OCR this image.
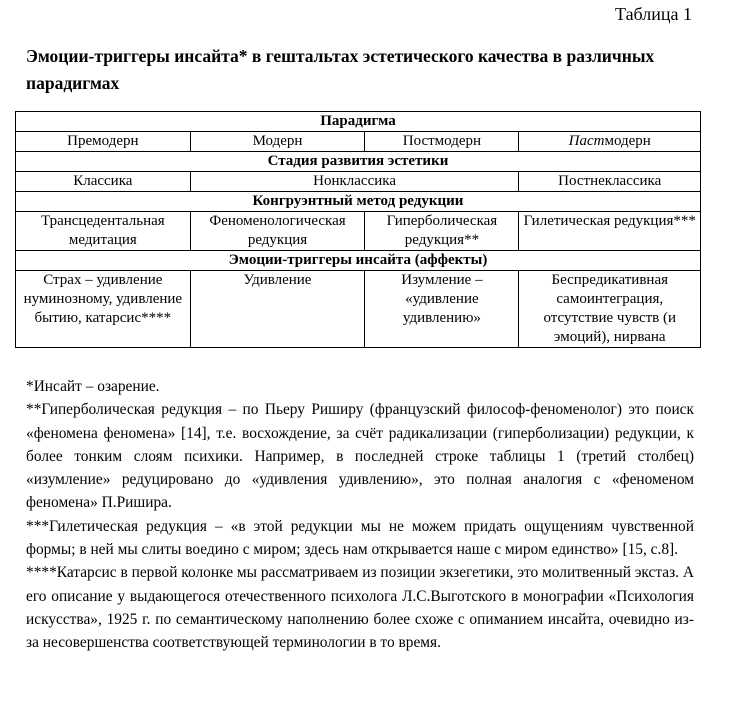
Таблица 1
Эмоции-триггеры инсайта* в гештальтах эстетического качества в различных парадигмах
Парадигма			
Премодерн	Модерн	Постмодерн	Пастмодерн
Стадия развития эстетики			
Классика	Нонклассика		Постнеклассика
Конгруэнтный метод редукции			
Трансцедентальная медитация	Феноменологическая редукция	Гиперболическая редукция**	Гилетическая редукция***
Эмоции-триггеры инсайта (аффекты)			
Страх – удивление нуминозному, удивление бытию, катарсис****	Удивление	Изумление – «удивление удивлению»	Беспредикативная самоинтеграция, отсутствие чувств (и эмоций), нирвана

*Инсайт – озарение.

**Гиперболическая редукция – по Пьеру Риширу (французский философ-феноменолог) это поиск «феномена феномена» [14], т.е. восхождение, за счёт радикализации (гиперболизации) редукции, к более тонким слоям психики. Например, в последней строке таблицы 1 (третий столбец) «изумление» редуцировано до «удивления удивлению», это полная аналогия с «феноменом феномена» П.Ришира.

***Гилетическая редукция – «в этой редукции мы не можем придать ощущениям чувственной формы; в ней мы слиты воедино с миром; здесь нам открывается наше с миром единство» [15, с.8].

****Катарсис в первой колонке мы рассматриваем из позиции экзегетики, это молитвенный экстаз. А его описание у выдающегося отечественного психолога Л.С.Выготского в монографии «Психология искусства», 1925 г. по семантическому наполнению более схоже с опиманием инсайта, очевидно из-за несовершенства соответствующей терминологии в то время.
